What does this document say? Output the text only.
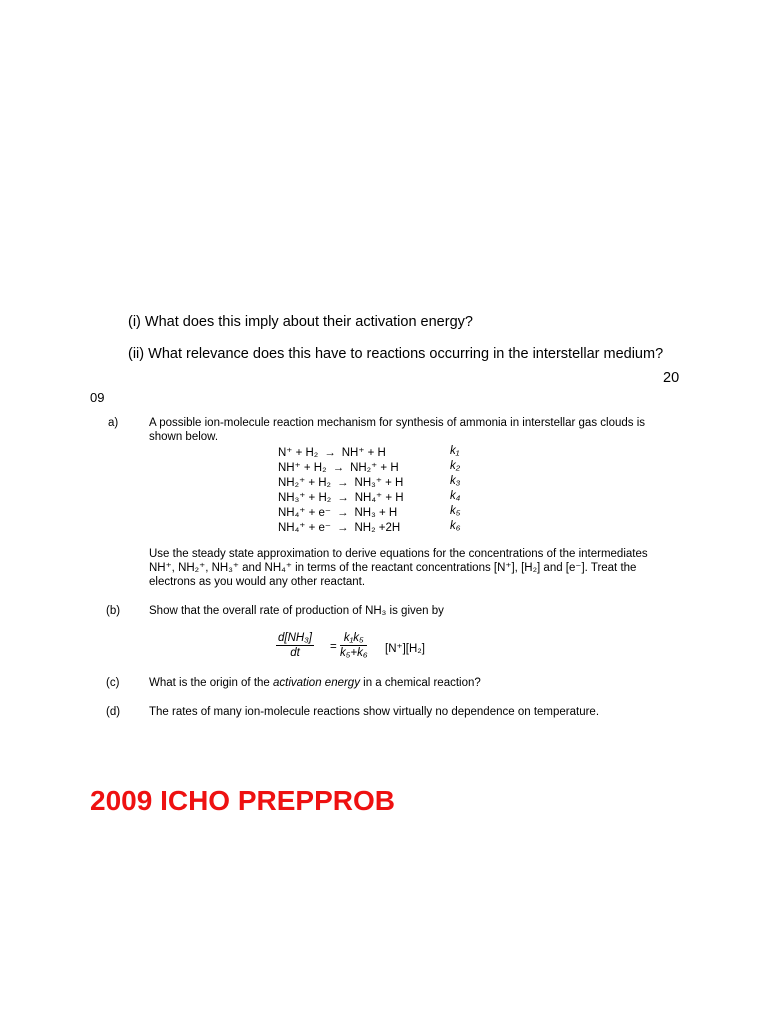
(i) What does this imply about their activation energy?
(ii) What relevance does this have to reactions occurring in the interstellar medium?
20
09
a)	A possible ion-molecule reaction mechanism for synthesis of ammonia in interstellar gas clouds is
shown below.
N⁺ + H₂ → NH⁺ + H	k₁
NH⁺ + H₂ → NH₂⁺ + H	k₂
NH₂⁺ + H₂ → NH₃⁺ + H	k₃
NH₃⁺ + H₂ → NH₄⁺ + H	k₄
NH₄⁺ + e⁻ → NH₃ + H	k₅
NH₄⁺ + e⁻ → NH₂ +2H	k₆
Use the steady state approximation to derive equations for the concentrations of the intermediates
NH⁺, NH₂⁺, NH₃⁺ and NH₄⁺ in terms of the reactant concentrations [N⁺], [H₂] and [e⁻]. Treat the
electrons as you would any other reactant.
(b)	Show that the overall rate of production of NH₃ is given by
$\frac{\text{d[NH₃]}}{dt} = \frac{\text{k₁k₅}}{\text{k₅+k₆}} [N^+][H_2]$
(c)	What is the origin of the activation energy in a chemical reaction?
(d)	The rates of many ion-molecule reactions show virtually no dependence on temperature.
2009 ICHO PREPPROB
